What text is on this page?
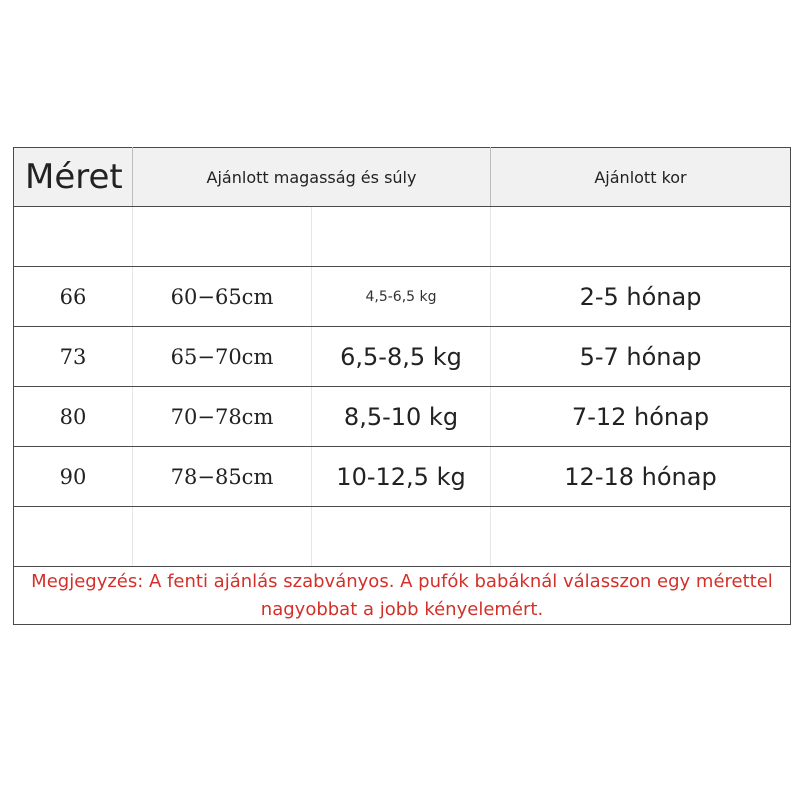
Méret	Ajánlott magasság és súly		Ajánlott kor

66	60−65cm	4,5-6,5 kg	2-5 hónap
73	65−70cm	6,5-8,5 kg	5-7 hónap
80	70−78cm	8,5-10 kg	7-12 hónap
90	78−85cm	10-12,5 kg	12-18 hónap

Megjegyzés: A fenti ajánlás szabványos. A pufók babáknál válasszon egy mérettel nagyobbat a jobb kényelemért.			
